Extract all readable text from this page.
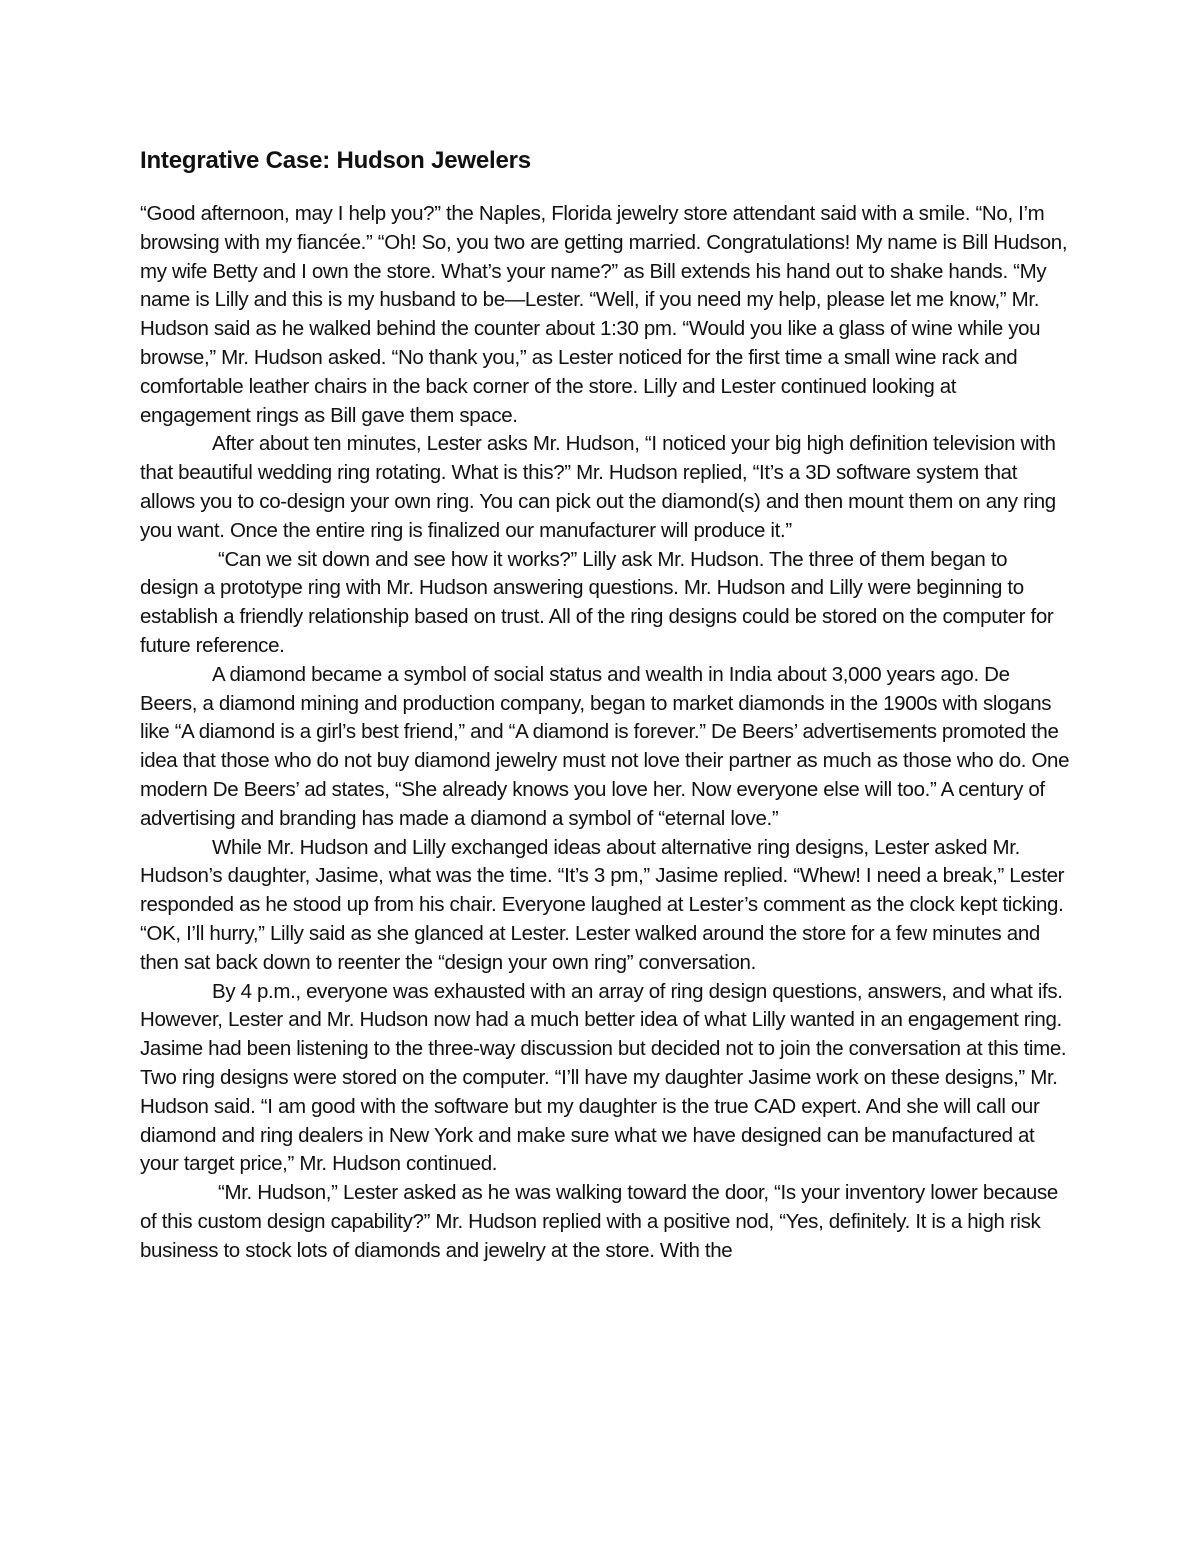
Integrative Case: Hudson Jewelers

“Good afternoon, may I help you?” the Naples, Florida jewelry store attendant said with a smile. “No, I’m browsing with my fiancée.” “Oh! So, you two are getting married. Congratulations! My name is Bill Hudson, my wife Betty and I own the store. What’s your name?” as Bill extends his hand out to shake hands. “My name is Lilly and this is my husband to be—Lester. “Well, if you need my help, please let me know,” Mr. Hudson said as he walked behind the counter about 1:30 pm. “Would you like a glass of wine while you browse,” Mr. Hudson asked. “No thank you,” as Lester noticed for the first time a small wine rack and comfortable leather chairs in the back corner of the store. Lilly and Lester continued looking at engagement rings as Bill gave them space.

After about ten minutes, Lester asks Mr. Hudson, “I noticed your big high definition television with that beautiful wedding ring rotating. What is this?” Mr. Hudson replied, “It’s a 3D software system that allows you to co-design your own ring. You can pick out the diamond(s) and then mount them on any ring you want. Once the entire ring is finalized our manufacturer will produce it.”

“Can we sit down and see how it works?” Lilly ask Mr. Hudson. The three of them began to design a prototype ring with Mr. Hudson answering questions. Mr. Hudson and Lilly were beginning to establish a friendly relationship based on trust. All of the ring designs could be stored on the computer for future reference.

A diamond became a symbol of social status and wealth in India about 3,000 years ago. De Beers, a diamond mining and production company, began to market diamonds in the 1900s with slogans like “A diamond is a girl’s best friend,” and “A diamond is forever.” De Beers’ advertisements promoted the idea that those who do not buy diamond jewelry must not love their partner as much as those who do. One modern De Beers’ ad states, “She already knows you love her. Now everyone else will too.” A century of advertising and branding has made a diamond a symbol of “eternal love.”

While Mr. Hudson and Lilly exchanged ideas about alternative ring designs, Lester asked Mr. Hudson’s daughter, Jasime, what was the time. “It’s 3 pm,” Jasime replied. “Whew! I need a break,” Lester responded as he stood up from his chair. Everyone laughed at Lester’s comment as the clock kept ticking. “OK, I’ll hurry,” Lilly said as she glanced at Lester. Lester walked around the store for a few minutes and then sat back down to reenter the “design your own ring” conversation.

By 4 p.m., everyone was exhausted with an array of ring design questions, answers, and what ifs. However, Lester and Mr. Hudson now had a much better idea of what Lilly wanted in an engagement ring. Jasime had been listening to the three-way discussion but decided not to join the conversation at this time. Two ring designs were stored on the computer. “I’ll have my daughter Jasime work on these designs,” Mr. Hudson said. “I am good with the software but my daughter is the true CAD expert. And she will call our diamond and ring dealers in New York and make sure what we have designed can be manufactured at your target price,” Mr. Hudson continued.

“Mr. Hudson,” Lester asked as he was walking toward the door, “Is your inventory lower because of this custom design capability?” Mr. Hudson replied with a positive nod, “Yes, definitely. It is a high risk business to stock lots of diamonds and jewelry at the store. With the
